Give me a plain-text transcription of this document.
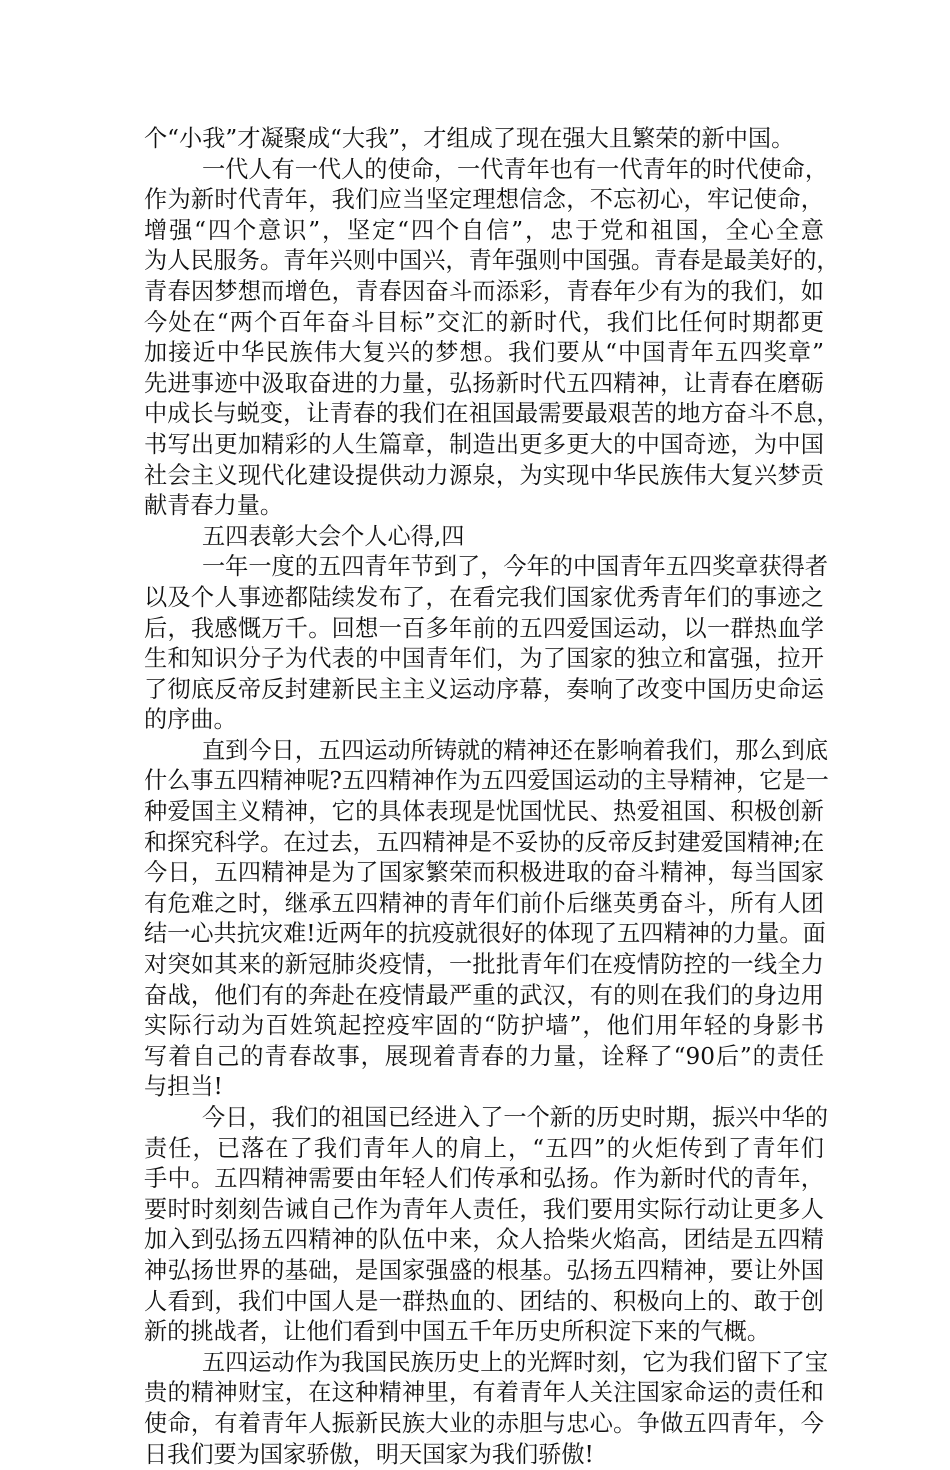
个“小我”才凝聚成“大我”，才组成了现在强大且繁荣的新中国。
一代人有一代人的使命，一代青年也有一代青年的时代使命，
作为新时代青年，我们应当坚定理想信念，不忘初心，牢记使命，
增强“四个意识”，坚定“四个自信”，忠于党和祖国，全心全意
为人民服务。青年兴则中国兴，青年强则中国强。青春是最美好的，
青春因梦想而增色，青春因奋斗而添彩，青春年少有为的我们，如
今处在“两个百年奋斗目标”交汇的新时代，我们比任何时期都更
加接近中华民族伟大复兴的梦想。我们要从“中国青年五四奖章”
先进事迹中汲取奋进的力量，弘扬新时代五四精神，让青春在磨砺
中成长与蜕变，让青春的我们在祖国最需要最艰苦的地方奋斗不息，
书写出更加精彩的人生篇章，制造出更多更大的中国奇迹，为中国
社会主义现代化建设提供动力源泉，为实现中华民族伟大复兴梦贡
献青春力量。
五四表彰大会个人心得,四
一年一度的五四青年节到了，今年的中国青年五四奖章获得者
以及个人事迹都陆续发布了，在看完我们国家优秀青年们的事迹之
后，我感慨万千。回想一百多年前的五四爱国运动，以一群热血学
生和知识分子为代表的中国青年们，为了国家的独立和富强，拉开
了彻底反帝反封建新民主主义运动序幕，奏响了改变中国历史命运
的序曲。
直到今日，五四运动所铸就的精神还在影响着我们，那么到底
什么事五四精神呢?五四精神作为五四爱国运动的主导精神，它是一
种爱国主义精神，它的具体表现是忧国忧民、热爱祖国、积极创新
和探究科学。在过去，五四精神是不妥协的反帝反封建爱国精神;在
今日，五四精神是为了国家繁荣而积极进取的奋斗精神，每当国家
有危难之时，继承五四精神的青年们前仆后继英勇奋斗，所有人团
结一心共抗灾难!近两年的抗疫就很好的体现了五四精神的力量。面
对突如其来的新冠肺炎疫情，一批批青年们在疫情防控的一线全力
奋战，他们有的奔赴在疫情最严重的武汉，有的则在我们的身边用
实际行动为百姓筑起控疫牢固的“防护墙”，他们用年轻的身影书
写着自己的青春故事，展现着青春的力量，诠释了“90后”的责任
与担当!
今日，我们的祖国已经进入了一个新的历史时期，振兴中华的
责任，已落在了我们青年人的肩上，“五四”的火炬传到了青年们
手中。五四精神需要由年轻人们传承和弘扬。作为新时代的青年，
要时时刻刻告诫自己作为青年人责任，我们要用实际行动让更多人
加入到弘扬五四精神的队伍中来，众人拾柴火焰高，团结是五四精
神弘扬世界的基础，是国家强盛的根基。弘扬五四精神，要让外国
人看到，我们中国人是一群热血的、团结的、积极向上的、敢于创
新的挑战者，让他们看到中国五千年历史所积淀下来的气概。
五四运动作为我国民族历史上的光辉时刻，它为我们留下了宝
贵的精神财宝，在这种精神里，有着青年人关注国家命运的责任和
使命，有着青年人振新民族大业的赤胆与忠心。争做五四青年，今
日我们要为国家骄傲，明天国家为我们骄傲!
